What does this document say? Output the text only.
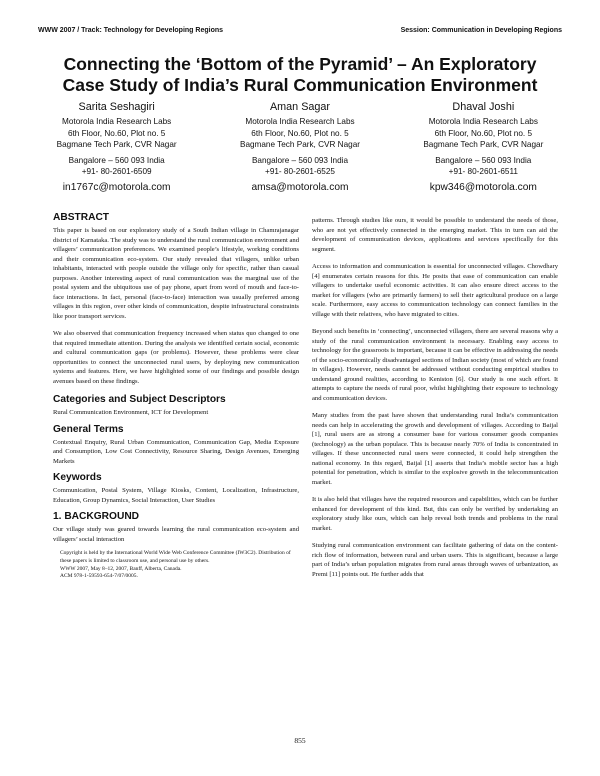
WWW 2007 / Track: Technology for Developing Regions	Session: Communication in Developing Regions
Connecting the ‘Bottom of the Pyramid’ – An Exploratory
Case Study of India’s Rural Communication Environment
Sarita Seshagiri
Motorola India Research Labs
6th Floor, No.60, Plot no. 5
Bagmane Tech Park, CVR Nagar
Bangalore – 560 093 India
+91- 80-2601-6509
in1767c@motorola.com
Aman Sagar
Motorola India Research Labs
6th Floor, No.60, Plot no. 5
Bagmane Tech Park, CVR Nagar
Bangalore – 560 093 India
+91- 80-2601-6525
amsa@motorola.com
Dhaval Joshi
Motorola India Research Labs
6th Floor, No.60, Plot no. 5
Bagmane Tech Park, CVR Nagar
Bangalore – 560 093 India
+91- 80-2601-6511
kpw346@motorola.com
ABSTRACT

This paper is based on our exploratory study of a South Indian village in Chamrajanagar district of Karnataka. The study was to understand the rural communication environment and villagers’ communication preferences. We examined people’s lifestyle, working conditions and their communication eco-system. Our study revealed that villagers, unlike urban inhabitants, interacted with people outside the village only for specific, rather than casual purposes. Another interesting aspect of rural communication was the marginal use of the postal system and the ubiquitous use of pay phone, apart from word of mouth and face-to-face interactions. In fact, personal (face-to-face) interaction was usually preferred among villages in this region, over other kinds of communication, despite infrastructural constraints like poor transport services.

We also observed that communication frequency increased when status quo changed to one that required immediate attention. During the analysis we identified certain social, economic and cultural communication gaps (or problems). However, these problems were clear opportunities to connect the unconnected rural users, by deploying new communication systems and features. Here, we have highlighted some of our findings and possible design avenues based on these findings.

Categories and Subject Descriptors

Rural Communication Environment, ICT for Development

General Terms

Contextual Enquiry, Rural Urban Communication, Communication Gap, Media Exposure and Consumption, Low Cost Connectivity, Resource Sharing, Design Avenues, Emerging Markets

Keywords

Communication, Postal System, Village Kiosks, Content, Localization, Infrastructure, Education, Group Dynamics, Social Interaction, User Studies

1. BACKGROUND

Our village study was geared towards learning the rural communication eco-system and villagers’ social interaction

Copyright is held by the International World Wide Web Conference Committee (IW3C2). Distribution of these papers is limited to classroom use, and personal use by others.
WWW 2007, May 8–12, 2007, Banff, Alberta, Canada.
ACM 978-1-59593-654-7/07/0005.

patterns. Through studies like ours, it would be possible to understand the needs of those, who are not yet effectively connected in the emerging market. This in turn can aid the development of communication devices, applications and services specifically for this segment.

Access to information and communication is essential for unconnected villages. Chowdhary [4] enumerates certain reasons for this. He posits that ease of communication can enable villagers to undertake useful economic activities. It can also ensure direct access to the market for villagers (who are primarily farmers) to sell their agricultural produce on a large scale. Furthermore, easy access to communication technology can connect families in the village with their relatives, who have migrated to cities.

Beyond such benefits in ‘connecting’, unconnected villagers, there are several reasons why a study of the rural communication environment is necessary. Enabling easy access to technology for the grassroots is important, because it can be effective in addressing the needs of the socio-economically disadvantaged sections of Indian society (most of which are found in villages). However, needs cannot be addressed without conducting empirical studies to understand ground realities, according to Keniston [6]. Our study is one such effort. It attempts to capture the needs of rural poor, whilst highlighting their exposure to technology and communication devices.

Many studies from the past have shown that understanding rural India’s communication needs can help in accelerating the growth and development of villages. According to Baijal [1], rural users are as strong a consumer base for various consumer goods companies (technology) as the urban populace. This is because nearly 70% of India is concentrated in villages. If these unconnected rural users were connected, it could help strengthen the national economy. In this regard, Baijal [1] asserts that India’s mobile sector has a high potential for penetration, which is similar to the explosive growth in the telecommunication market.

It is also held that villages have the required resources and capabilities, which can be further enhanced for development of this kind. But, this can only be verified by undertaking an exploratory study like ours, which can help reveal both trends and problems in the rural market.

Studying rural communication environment can facilitate gathering of data on the content-rich flow of information, between rural and urban users. This is significant, because a large part of India’s urban population migrates from rural areas through waves of urbanization, as Premi [11] points out. He further adds that

855
